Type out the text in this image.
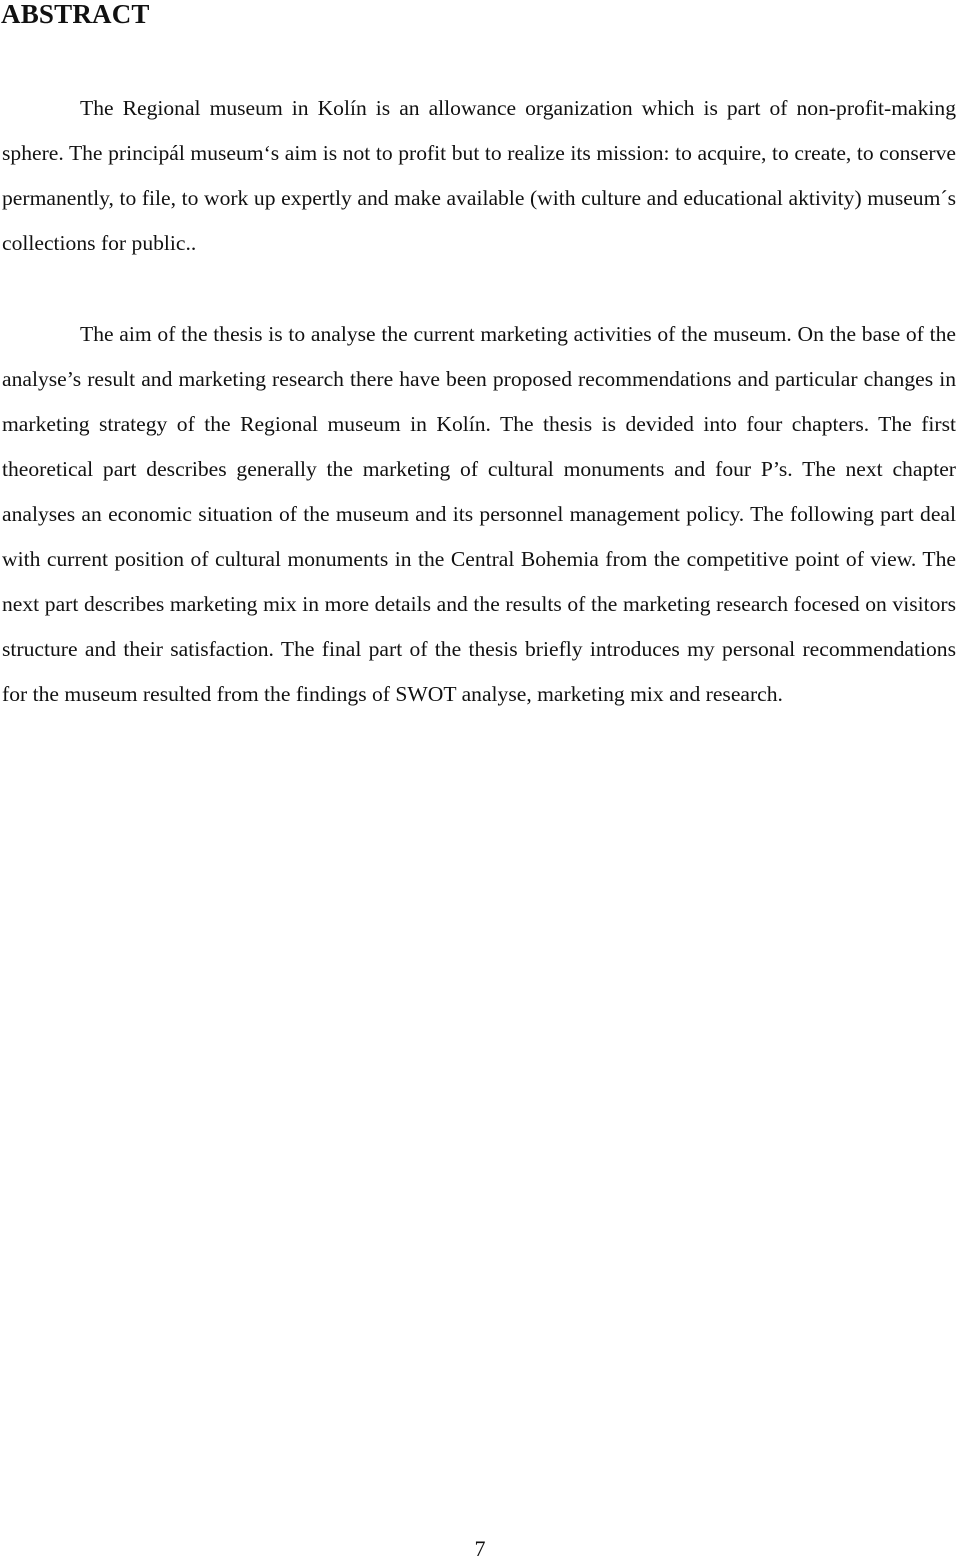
ABSTRACT

The Regional museum in Kolín is an allowance organization which is part of non-profit-making sphere. The principál museum‘s aim is not to profit but to realize its mission: to acquire, to create, to conserve permanently, to file, to work up expertly and make available (with culture and educational aktivity) museum´s collections for public..

The aim of the thesis is to analyse the current marketing activities of the museum. On the base of the analyse’s result and marketing research there have been proposed recommendations and particular changes in marketing strategy of the Regional museum in Kolín. The thesis is devided into four chapters. The first theoretical part describes generally the marketing of cultural monuments and four P’s. The next chapter analyses an economic situation of the museum and its personnel management policy. The following part deal with current position of cultural monuments in the Central Bohemia from the competitive point of view. The next part describes marketing mix in more details and the results of the marketing research focesed on visitors structure and their satisfaction. The final part of the thesis briefly introduces my personal recommendations for the museum resulted from the findings of SWOT analyse, marketing mix and research.

7
